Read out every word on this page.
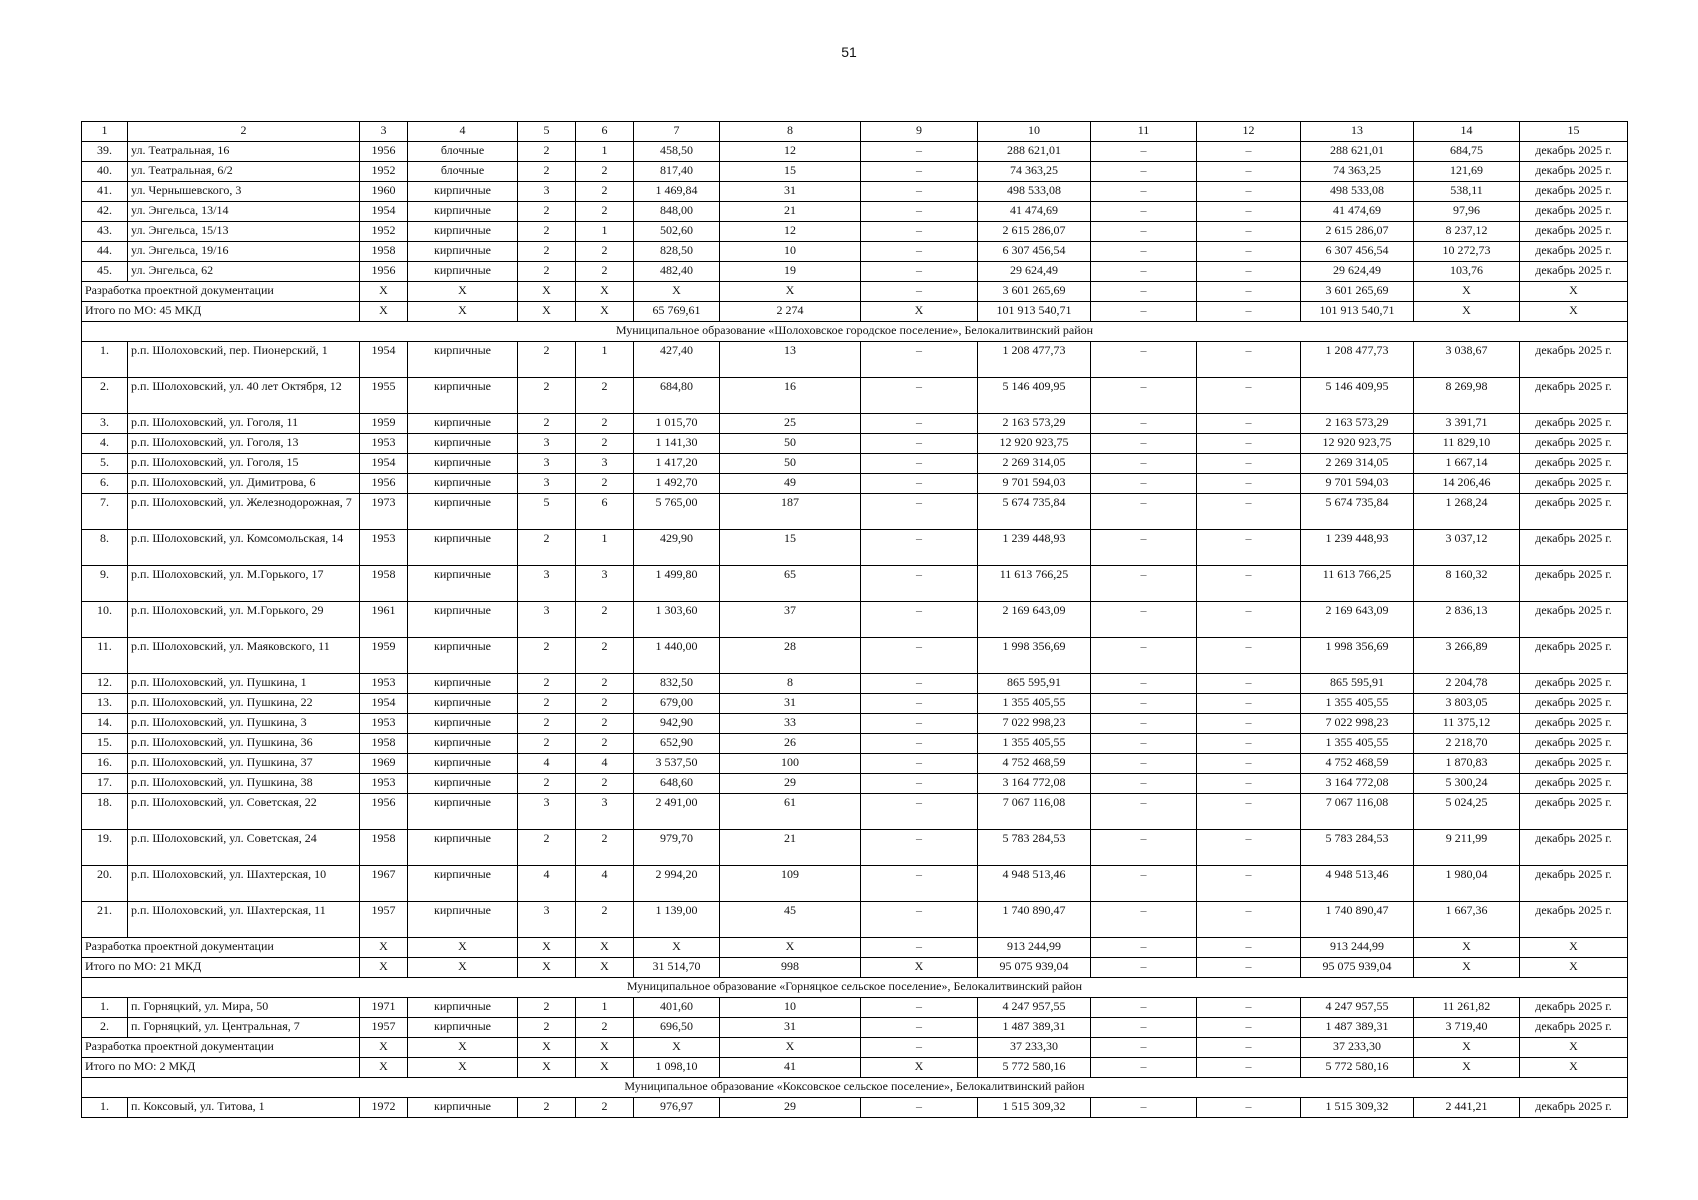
51
1	2	3	4	5	6	7	8	9	10	11	12	13	14	15
39.	ул. Театральная, 16	1956	блочные	2	1	458,50	12	–	288 621,01	–	–	288 621,01	684,75	декабрь 2025 г.
40.	ул. Театральная, 6/2	1952	блочные	2	2	817,40	15	–	74 363,25	–	–	74 363,25	121,69	декабрь 2025 г.
41.	ул. Чернышевского, 3	1960	кирпичные	3	2	1 469,84	31	–	498 533,08	–	–	498 533,08	538,11	декабрь 2025 г.
42.	ул. Энгельса, 13/14	1954	кирпичные	2	2	848,00	21	–	41 474,69	–	–	41 474,69	97,96	декабрь 2025 г.
43.	ул. Энгельса, 15/13	1952	кирпичные	2	1	502,60	12	–	2 615 286,07	–	–	2 615 286,07	8 237,12	декабрь 2025 г.
44.	ул. Энгельса, 19/16	1958	кирпичные	2	2	828,50	10	–	6 307 456,54	–	–	6 307 456,54	10 272,73	декабрь 2025 г.
45.	ул. Энгельса, 62	1956	кирпичные	2	2	482,40	19	–	29 624,49	–	–	29 624,49	103,76	декабрь 2025 г.
Разработка проектной документации		X	X	X	X	X	X	–	3 601 265,69	–	–	3 601 265,69	X	X
Итого по МО: 45 МКД		X	X	X	X	65 769,61	2 274	X	101 913 540,71	–	–	101 913 540,71	X	X
Муниципальное образование «Шолоховское городское поселение», Белокалитвинский район														
1.	р.п. Шолоховский, пер. Пионерский, 1	1954	кирпичные	2	1	427,40	13	–	1 208 477,73	–	–	1 208 477,73	3 038,67	декабрь 2025 г.
2.	р.п. Шолоховский, ул. 40 лет Октября, 12	1955	кирпичные	2	2	684,80	16	–	5 146 409,95	–	–	5 146 409,95	8 269,98	декабрь 2025 г.
3.	р.п. Шолоховский, ул. Гоголя, 11	1959	кирпичные	2	2	1 015,70	25	–	2 163 573,29	–	–	2 163 573,29	3 391,71	декабрь 2025 г.
4.	р.п. Шолоховский, ул. Гоголя, 13	1953	кирпичные	3	2	1 141,30	50	–	12 920 923,75	–	–	12 920 923,75	11 829,10	декабрь 2025 г.
5.	р.п. Шолоховский, ул. Гоголя, 15	1954	кирпичные	3	3	1 417,20	50	–	2 269 314,05	–	–	2 269 314,05	1 667,14	декабрь 2025 г.
6.	р.п. Шолоховский, ул. Димитрова, 6	1956	кирпичные	3	2	1 492,70	49	–	9 701 594,03	–	–	9 701 594,03	14 206,46	декабрь 2025 г.
7.	р.п. Шолоховский, ул. Железнодорожная, 7	1973	кирпичные	5	6	5 765,00	187	–	5 674 735,84	–	–	5 674 735,84	1 268,24	декабрь 2025 г.
8.	р.п. Шолоховский, ул. Комсомольская, 14	1953	кирпичные	2	1	429,90	15	–	1 239 448,93	–	–	1 239 448,93	3 037,12	декабрь 2025 г.
9.	р.п. Шолоховский, ул. М.Горького, 17	1958	кирпичные	3	3	1 499,80	65	–	11 613 766,25	–	–	11 613 766,25	8 160,32	декабрь 2025 г.
10.	р.п. Шолоховский, ул. М.Горького, 29	1961	кирпичные	3	2	1 303,60	37	–	2 169 643,09	–	–	2 169 643,09	2 836,13	декабрь 2025 г.
11.	р.п. Шолоховский, ул. Маяковского, 11	1959	кирпичные	2	2	1 440,00	28	–	1 998 356,69	–	–	1 998 356,69	3 266,89	декабрь 2025 г.
12.	р.п. Шолоховский, ул. Пушкина, 1	1953	кирпичные	2	2	832,50	8	–	865 595,91	–	–	865 595,91	2 204,78	декабрь 2025 г.
13.	р.п. Шолоховский, ул. Пушкина, 22	1954	кирпичные	2	2	679,00	31	–	1 355 405,55	–	–	1 355 405,55	3 803,05	декабрь 2025 г.
14.	р.п. Шолоховский, ул. Пушкина, 3	1953	кирпичные	2	2	942,90	33	–	7 022 998,23	–	–	7 022 998,23	11 375,12	декабрь 2025 г.
15.	р.п. Шолоховский, ул. Пушкина, 36	1958	кирпичные	2	2	652,90	26	–	1 355 405,55	–	–	1 355 405,55	2 218,70	декабрь 2025 г.
16.	р.п. Шолоховский, ул. Пушкина, 37	1969	кирпичные	4	4	3 537,50	100	–	4 752 468,59	–	–	4 752 468,59	1 870,83	декабрь 2025 г.
17.	р.п. Шолоховский, ул. Пушкина, 38	1953	кирпичные	2	2	648,60	29	–	3 164 772,08	–	–	3 164 772,08	5 300,24	декабрь 2025 г.
18.	р.п. Шолоховский, ул. Советская, 22	1956	кирпичные	3	3	2 491,00	61	–	7 067 116,08	–	–	7 067 116,08	5 024,25	декабрь 2025 г.
19.	р.п. Шолоховский, ул. Советская, 24	1958	кирпичные	2	2	979,70	21	–	5 783 284,53	–	–	5 783 284,53	9 211,99	декабрь 2025 г.
20.	р.п. Шолоховский, ул. Шахтерская, 10	1967	кирпичные	4	4	2 994,20	109	–	4 948 513,46	–	–	4 948 513,46	1 980,04	декабрь 2025 г.
21.	р.п. Шолоховский, ул. Шахтерская, 11	1957	кирпичные	3	2	1 139,00	45	–	1 740 890,47	–	–	1 740 890,47	1 667,36	декабрь 2025 г.
Разработка проектной документации		X	X	X	X	X	X	–	913 244,99	–	–	913 244,99	X	X
Итого по МО: 21 МКД		X	X	X	X	31 514,70	998	X	95 075 939,04	–	–	95 075 939,04	X	X
Муниципальное образование «Горняцкое сельское поселение», Белокалитвинский район														
1.	п. Горняцкий, ул. Мира, 50	1971	кирпичные	2	1	401,60	10	–	4 247 957,55	–	–	4 247 957,55	11 261,82	декабрь 2025 г.
2.	п. Горняцкий, ул. Центральная, 7	1957	кирпичные	2	2	696,50	31	–	1 487 389,31	–	–	1 487 389,31	3 719,40	декабрь 2025 г.
Разработка проектной документации		X	X	X	X	X	X	–	37 233,30	–	–	37 233,30	X	X
Итого по МО: 2 МКД		X	X	X	X	1 098,10	41	X	5 772 580,16	–	–	5 772 580,16	X	X
Муниципальное образование «Коксовское сельское поселение», Белокалитвинский район														
1.	п. Коксовый, ул. Титова, 1	1972	кирпичные	2	2	976,97	29	–	1 515 309,32	–	–	1 515 309,32	2 441,21	декабрь 2025 г.
